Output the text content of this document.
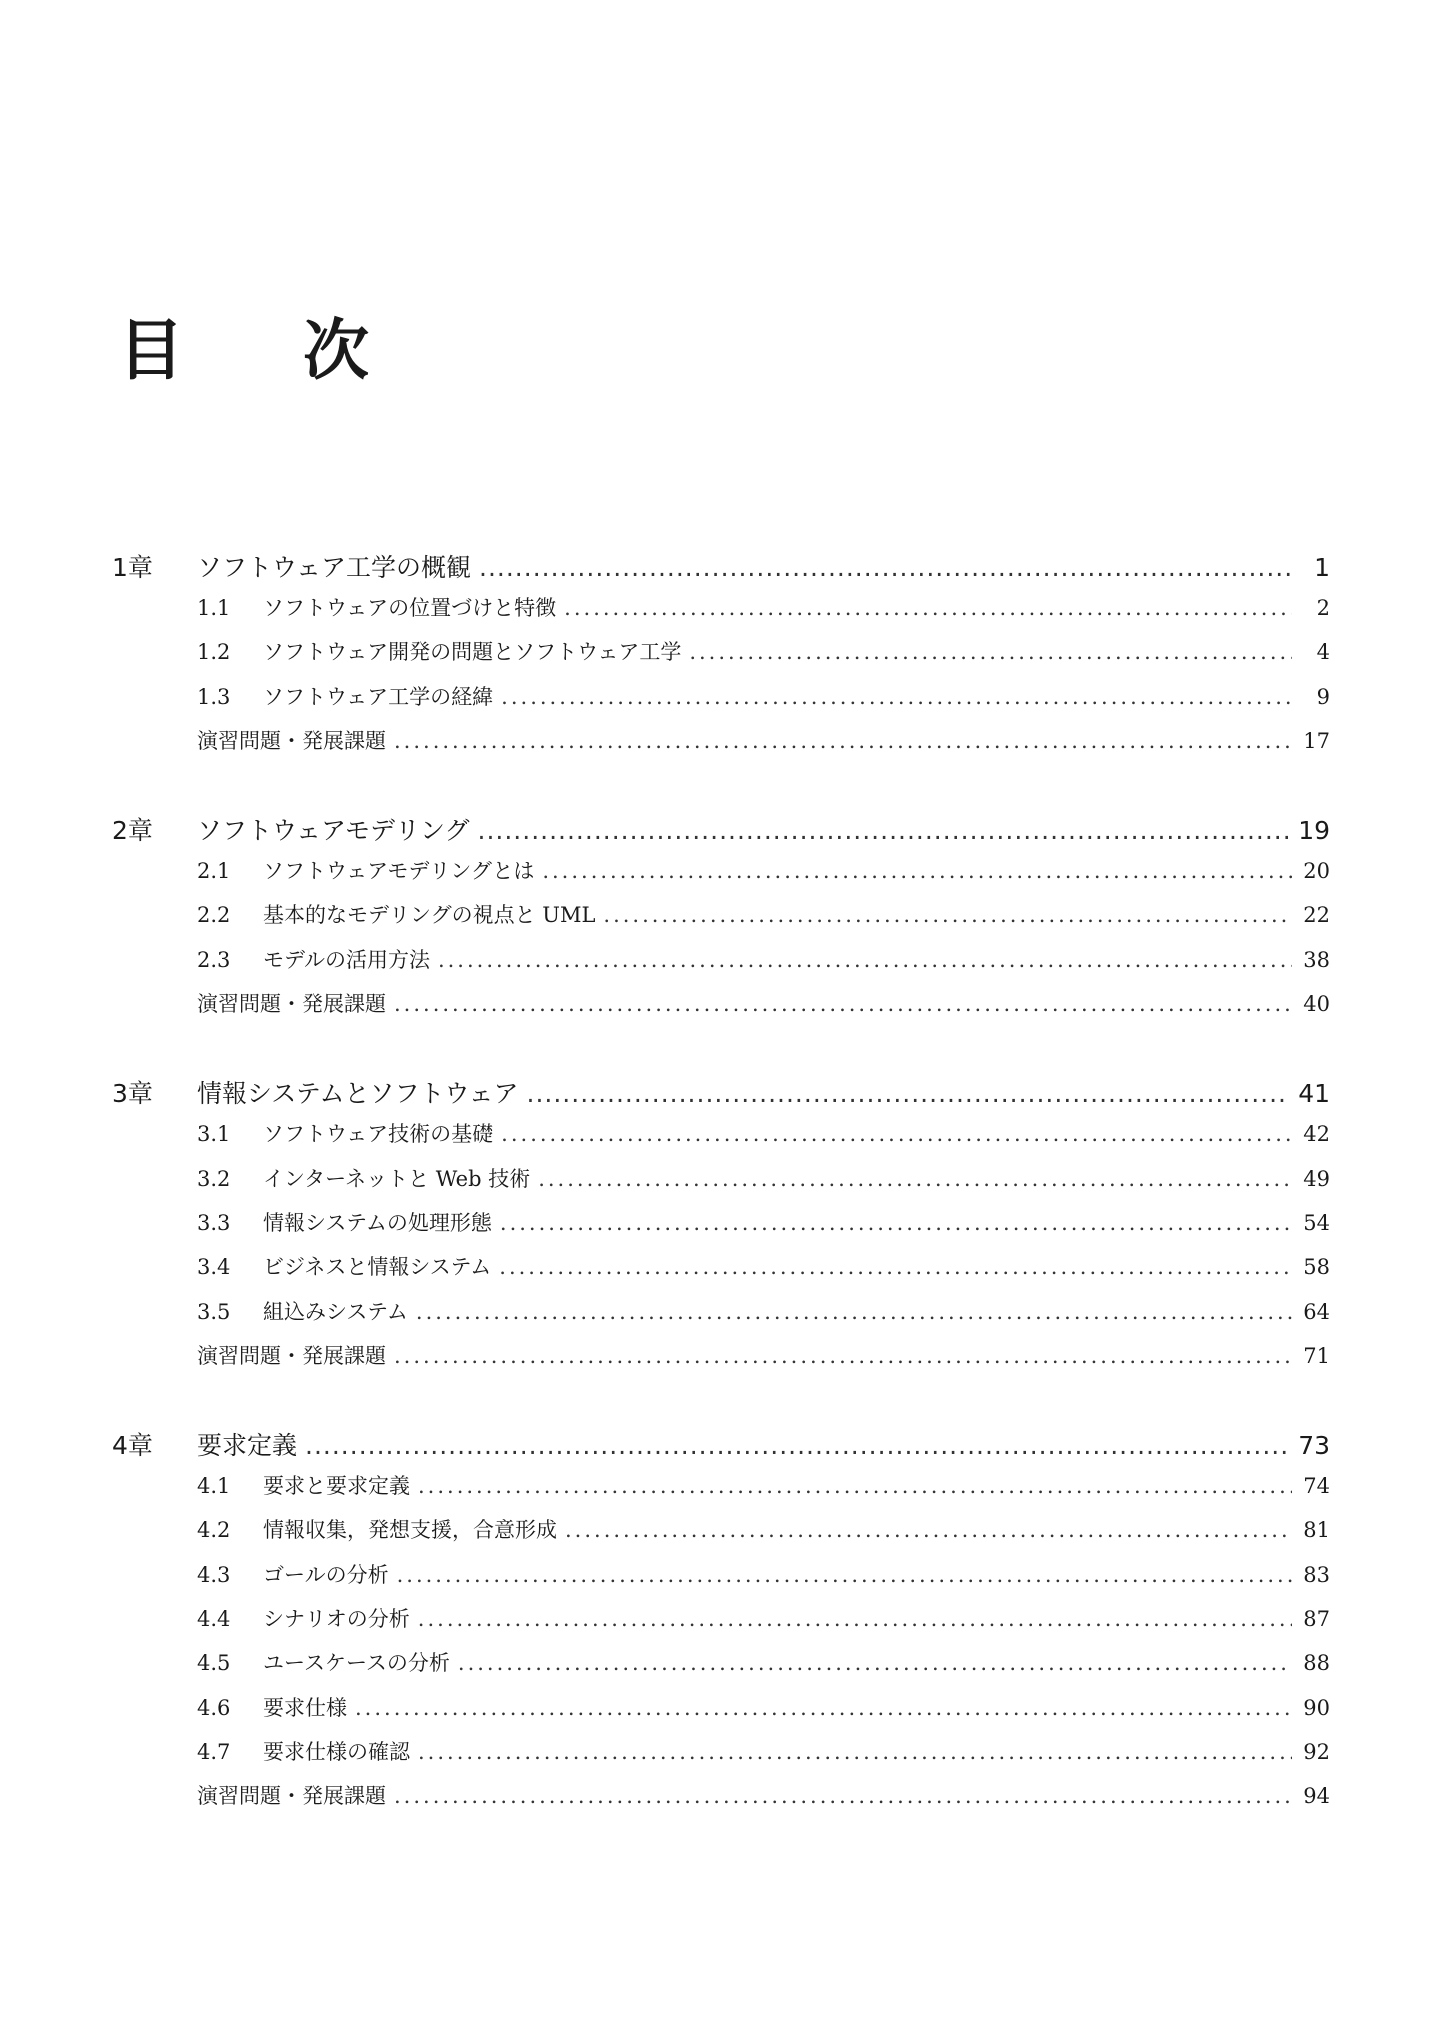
目 次
1章	ソフトウェア工学の概観 .....	1
1.1	ソフトウェアの位置づけと特徴 .....	2
1.2	ソフトウェア開発の問題とソフトウェア工学 .....	4
1.3	ソフトウェア工学の経緯 .....	9
演習問題・発展課題 .....	17
2章	ソフトウェアモデリング .....	19
2.1	ソフトウェアモデリングとは .....	20
2.2	基本的なモデリングの視点と UML .....	22
2.3	モデルの活用方法 .....	38
演習問題・発展課題 .....	40
3章	情報システムとソフトウェア .....	41
3.1	ソフトウェア技術の基礎 .....	42
3.2	インターネットと Web 技術 .....	49
3.3	情報システムの処理形態 .....	54
3.4	ビジネスと情報システム .....	58
3.5	組込みシステム .....	64
演習問題・発展課題 .....	71
4章	要求定義 .....	73
4.1	要求と要求定義 .....	74
4.2	情報収集，発想支援，合意形成 .....	81
4.3	ゴールの分析 .....	83
4.4	シナリオの分析 .....	87
4.5	ユースケースの分析 .....	88
4.6	要求仕様 .....	90
4.7	要求仕様の確認 .....	92
演習問題・発展課題 .....	94
